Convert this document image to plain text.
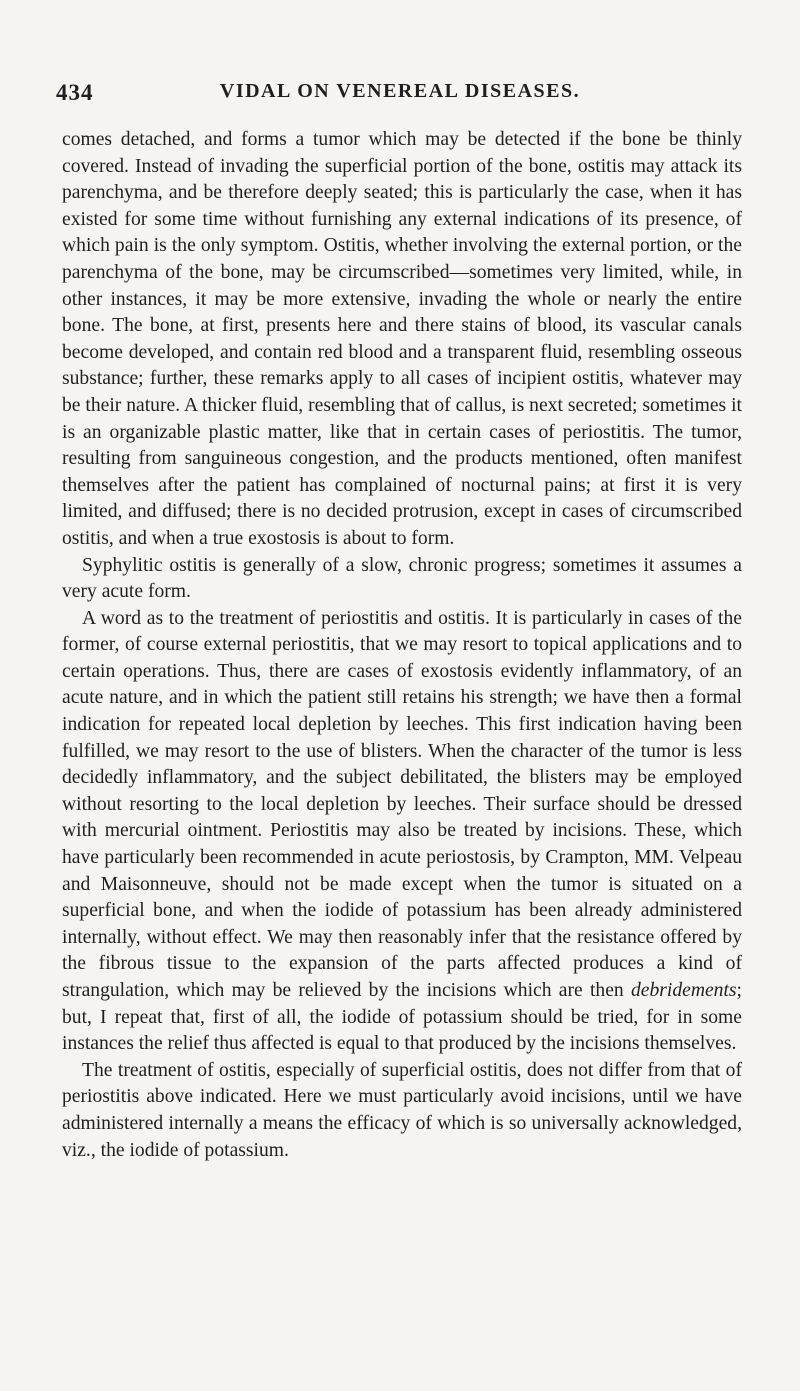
434	VIDAL ON VENEREAL DISEASES.

comes detached, and forms a tumor which may be detected if the bone be thinly covered. Instead of invading the superficial portion of the bone, ostitis may attack its parenchyma, and be therefore deeply seated; this is particularly the case, when it has existed for some time without furnishing any external indications of its presence, of which pain is the only symptom. Ostitis, whether involving the external portion, or the parenchyma of the bone, may be circumscribed—sometimes very limited, while, in other instances, it may be more extensive, invading the whole or nearly the entire bone. The bone, at first, presents here and there stains of blood, its vascular canals become developed, and contain red blood and a transparent fluid, resembling osseous substance; further, these remarks apply to all cases of incipient ostitis, whatever may be their nature. A thicker fluid, resembling that of callus, is next secreted; sometimes it is an organizable plastic matter, like that in certain cases of periostitis. The tumor, resulting from sanguineous congestion, and the products mentioned, often manifest themselves after the patient has complained of nocturnal pains; at first it is very limited, and diffused; there is no decided protrusion, except in cases of circumscribed ostitis, and when a true exostosis is about to form.

Syphylitic ostitis is generally of a slow, chronic progress; sometimes it assumes a very acute form.

A word as to the treatment of periostitis and ostitis. It is particularly in cases of the former, of course external periostitis, that we may resort to topical applications and to certain operations. Thus, there are cases of exostosis evidently inflammatory, of an acute nature, and in which the patient still retains his strength; we have then a formal indication for repeated local depletion by leeches. This first indication having been fulfilled, we may resort to the use of blisters. When the character of the tumor is less decidedly inflammatory, and the subject debilitated, the blisters may be employed without resorting to the local depletion by leeches. Their surface should be dressed with mercurial ointment. Periostitis may also be treated by incisions. These, which have particularly been recommended in acute periostosis, by Crampton, MM. Velpeau and Maisonneuve, should not be made except when the tumor is situated on a superficial bone, and when the iodide of potassium has been already administered internally, without effect. We may then reasonably infer that the resistance offered by the fibrous tissue to the expansion of the parts affected produces a kind of strangulation, which may be relieved by the incisions which are then debridements; but, I repeat that, first of all, the iodide of potassium should be tried, for in some instances the relief thus affected is equal to that produced by the incisions themselves.

The treatment of ostitis, especially of superficial ostitis, does not differ from that of periostitis above indicated. Here we must particularly avoid incisions, until we have administered internally a means the efficacy of which is so universally acknowledged, viz., the iodide of potassium.
